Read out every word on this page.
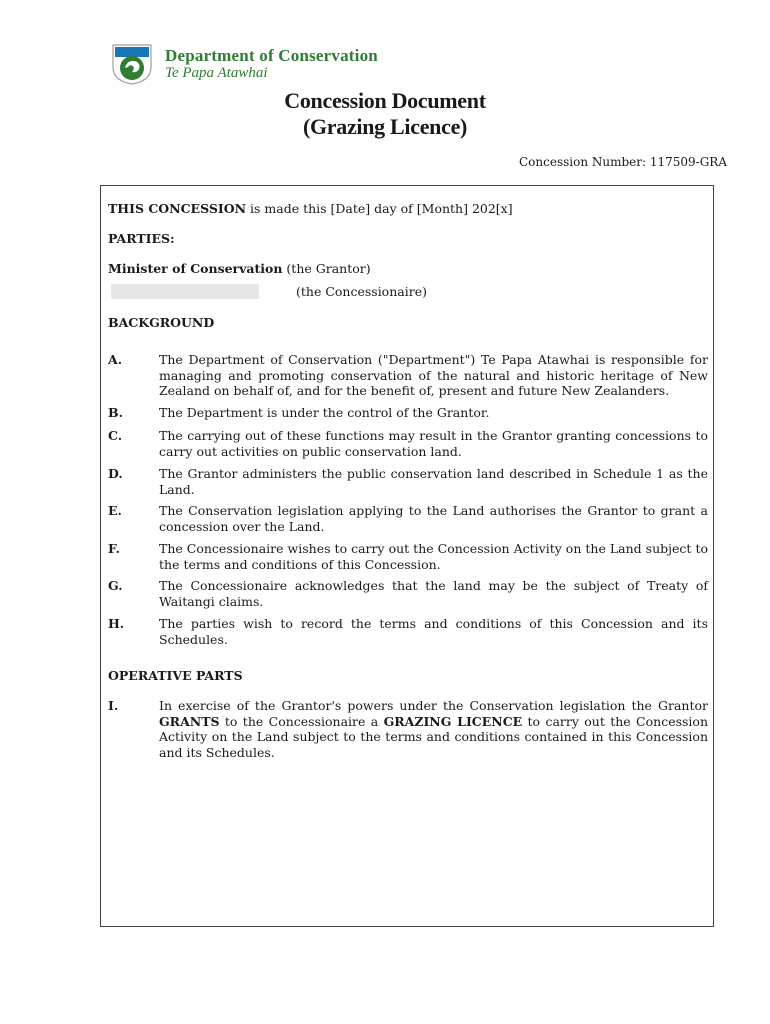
Department of Conservation
Te Papa Atawhai
Concession Document
(Grazing Licence)
Concession Number: 117509-GRA
THIS CONCESSION is made this [Date] day of [Month] 202[x]
PARTIES:
Minister of Conservation (the Grantor)
(the Concessionaire)
BACKGROUND
A.	The Department of Conservation ("Department") Te Papa Atawhai is responsible for managing and promoting conservation of the natural and historic heritage of New Zealand on behalf of, and for the benefit of, present and future New Zealanders.
B.	The Department is under the control of the Grantor.
C.	The carrying out of these functions may result in the Grantor granting concessions to carry out activities on public conservation land.
D.	The Grantor administers the public conservation land described in Schedule 1 as the Land.
E.	The Conservation legislation applying to the Land authorises the Grantor to grant a concession over the Land.
F.	The Concessionaire wishes to carry out the Concession Activity on the Land subject to the terms and conditions of this Concession.
G.	The Concessionaire acknowledges that the land may be the subject of Treaty of Waitangi claims.
H.	The parties wish to record the terms and conditions of this Concession and its Schedules.
OPERATIVE PARTS
I.	In exercise of the Grantor's powers under the Conservation legislation the Grantor GRANTS to the Concessionaire a GRAZING LICENCE to carry out the Concession Activity on the Land subject to the terms and conditions contained in this Concession and its Schedules.
